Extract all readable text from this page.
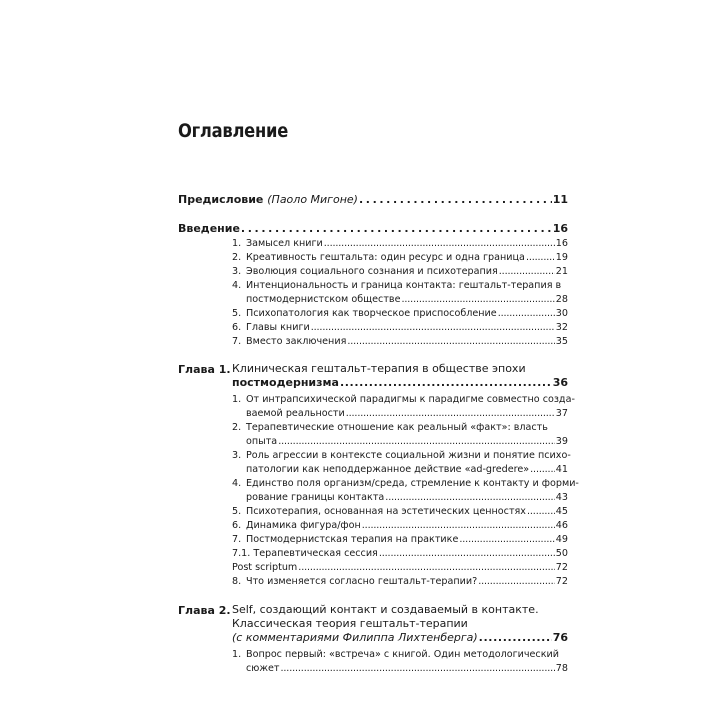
Оглавление
Предисловие (Паоло Мигоне) . . .	11
Введение . . .	16
1. Замысел книги . . .	16
2. Креативность гештальта: один ресурс и одна граница . . .	19
3. Эволюция социального сознания и психотерапия . . .	21
4. Интенциональность и граница контакта: гештальт-терапия в
постмодернистском обществе . . .	28
5. Психопатология как творческое приспособление . . .	30
6. Главы книги . . .	32
7. Вместо заключения . . .	35
Глава 1. Клиническая гештальт-терапия в обществе эпохи
постмодернизма . . .	36
1. От интрапсихической парадигмы к парадигме совместно созда-
ваемой реальности . . .	37
2. Терапевтические отношение как реальный «факт»: власть
опыта . . .	39
3. Роль агрессии в контексте социальной жизни и понятие психо-
патологии как неподдержанное действие «ad-gredere» . . .	41
4. Единство поля организм/среда, стремление к контакту и форми-
рование границы контакта . . .	43
5. Психотерапия, основанная на эстетических ценностях . . .	45
6. Динамика фигура/фон . . .	46
7. Постмодернистская терапия на практике . . .	49
7.1. Терапевтическая сессия . . .	50
Post scriptum . . .	72
8. Что изменяется согласно гештальт-терапии? . . .	72
Глава 2. Self, создающий контакт и создаваемый в контакте.
Классическая теория гештальт-терапии
(с комментариями Филиппа Лихтенберга) . . .	76
1. Вопрос первый: «встреча» с книгой. Один методологический
сюжет . . .	78
